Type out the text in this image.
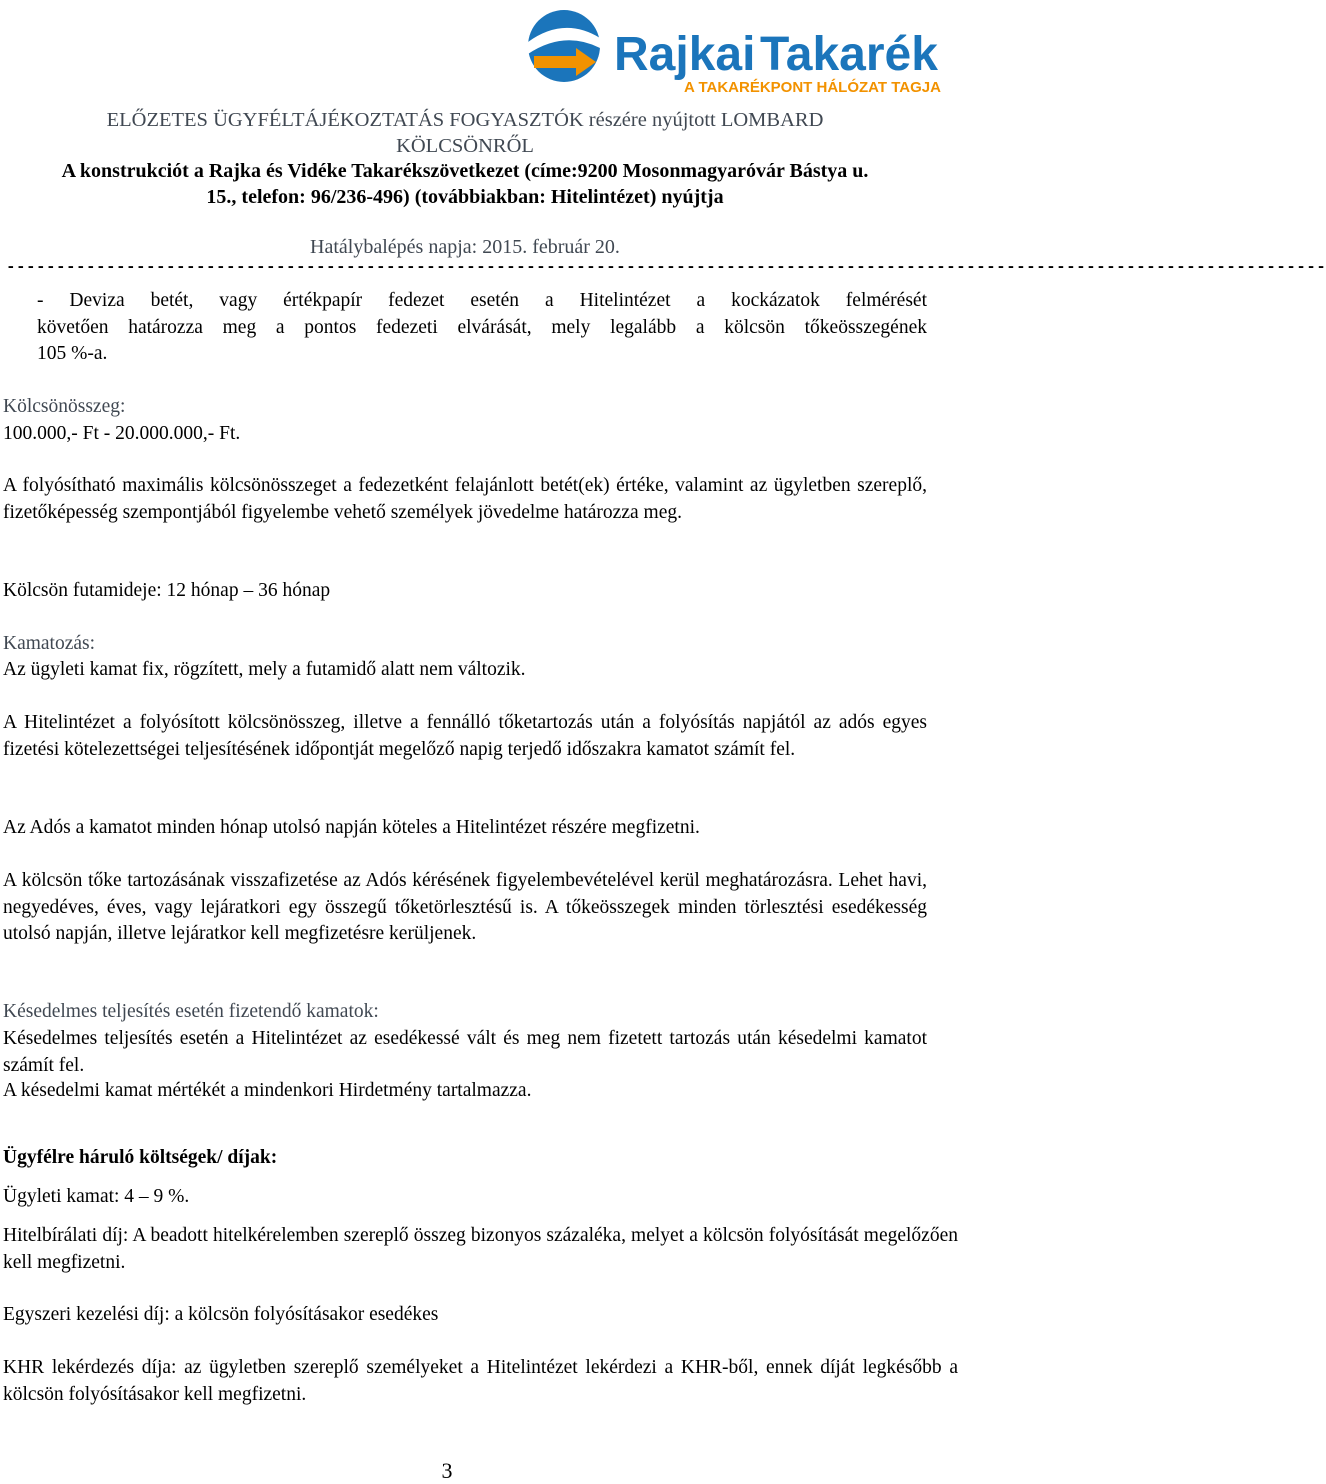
Rajkai Takarék
A TAKARÉKPONT HÁLÓZAT TAGJA
ELŐZETES ÜGYFÉLTÁJÉKOZTATÁS FOGYASZTÓK részére nyújtott LOMBARD
KÖLCSÖNRŐL
A konstrukciót a Rajka és Vidéke Takarékszövetkezet (címe:9200 Mosonmagyaróvár Bástya u.
15., telefon: 96/236-496) (továbbiakban: Hitelintézet) nyújtja
Hatálybalépés napja: 2015. február 20.
------------------------------------------------------------------------------------------------------------------------------------
- Deviza betét, vagy értékpapír fedezet esetén a Hitelintézet a kockázatok felmérését
követően határozza meg a pontos fedezeti elvárását, mely legalább a kölcsön tőkeösszegének
105 %-a.
Kölcsönösszeg:
100.000,- Ft - 20.000.000,- Ft.
A folyósítható maximális kölcsönösszeget a fedezetként felajánlott betét(ek) értéke, valamint az ügyletben szereplő, fizetőképesség szempontjából figyelembe vehető személyek jövedelme határozza meg.
Kölcsön futamideje: 12 hónap – 36 hónap
Kamatozás:
Az ügyleti kamat fix, rögzített, mely a futamidő alatt nem változik.
A Hitelintézet a folyósított kölcsönösszeg, illetve a fennálló tőketartozás után a folyósítás napjától az adós egyes fizetési kötelezettségei teljesítésének időpontját megelőző napig terjedő időszakra kamatot számít fel.
Az Adós a kamatot minden hónap utolsó napján köteles a Hitelintézet részére megfizetni.
A kölcsön tőke tartozásának visszafizetése az Adós kérésének figyelembevételével kerül meghatározásra. Lehet havi, negyedéves, éves, vagy lejáratkori egy összegű tőketörlesztésű is. A tőkeösszegek minden törlesztési esedékesség utolsó napján, illetve lejáratkor kell megfizetésre kerüljenek.
Késedelmes teljesítés esetén fizetendő kamatok:
Késedelmes teljesítés esetén a Hitelintézet az esedékessé vált és meg nem fizetett tartozás után késedelmi kamatot számít fel.
A késedelmi kamat mértékét a mindenkori Hirdetmény tartalmazza.
Ügyfélre háruló költségek/ díjak:
Ügyleti kamat: 4 – 9 %.
Hitelbírálati díj: A beadott hitelkérelemben szereplő összeg bizonyos százaléka, melyet a kölcsön folyósítását megelőzően kell megfizetni.
Egyszeri kezelési díj: a kölcsön folyósításakor esedékes
KHR lekérdezés díja: az ügyletben szereplő személyeket a Hitelintézet lekérdezi a KHR-ből, ennek díját legkésőbb a kölcsön folyósításakor kell megfizetni.
3
